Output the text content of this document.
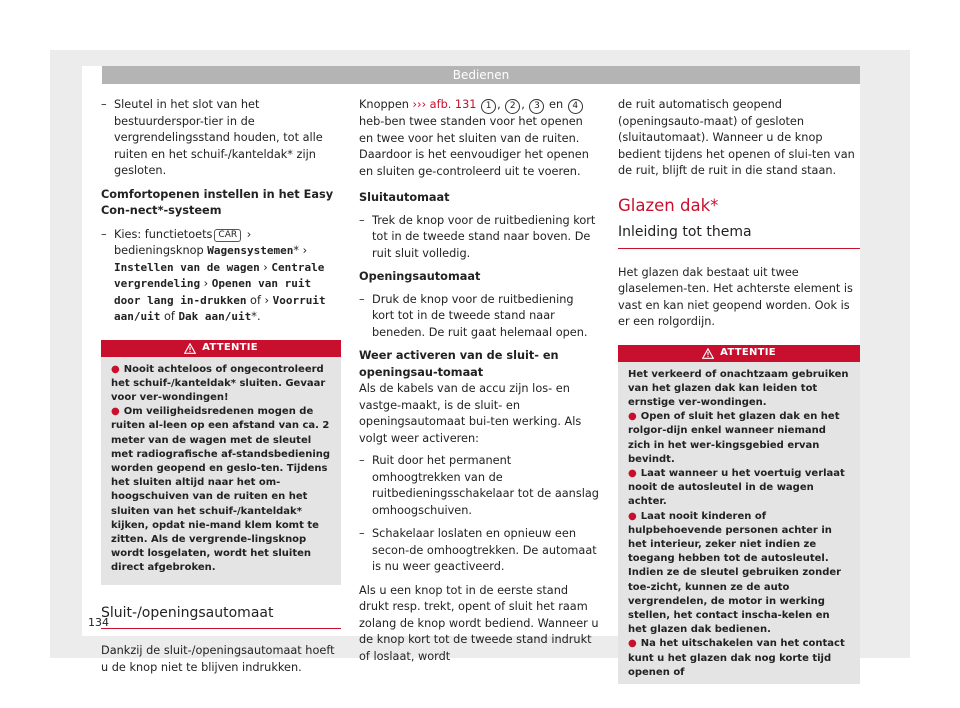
Bedienen

– Sleutel in het slot van het bestuurderspor-tier in de vergrendelingsstand houden, tot alle ruiten en het schuif-/kanteldak* zijn gesloten.

Comfortopenen instellen in het Easy Con-nect*-systeem

– Kies: functietoets CAR › bedieningsknop Wagensystemen* › Instellen van de wagen › Centrale vergrendeling › Openen van ruit door lang in-drukken of › Voorruit aan/uit of Dak aan/uit*.

ATTENTIE

● Nooit achteloos of ongecontroleerd het schuif-/kanteldak* sluiten. Gevaar voor ver-wondingen!

● Om veiligheidsredenen mogen de ruiten al-leen op een afstand van ca. 2 meter van de wagen met de sleutel met radiografische af-standsbediening worden geopend en geslo-ten. Tijdens het sluiten altijd naar het om-hoogschuiven van de ruiten en het sluiten van het schuif-/kanteldak* kijken, opdat nie-mand klem komt te zitten. Als de vergrende-lingsknop wordt losgelaten, wordt het sluiten direct afgebroken.

Sluit-/openingsautomaat

Dankzij de sluit-/openingsautomaat hoeft u de knop niet te blijven indrukken.

Knoppen ››› afb. 131 1 , 2 , 3 en 4 heb-ben twee standen voor het openen en twee voor het sluiten van de ruiten. Daardoor is het eenvoudiger het openen en sluiten ge-controleerd uit te voeren.

Sluitautomaat

– Trek de knop voor de ruitbediening kort tot in de tweede stand naar boven. De ruit sluit volledig.

Openingsautomaat

– Druk de knop voor de ruitbediening kort tot in de tweede stand naar beneden. De ruit gaat helemaal open.

Weer activeren van de sluit- en openingsau-tomaat

Als de kabels van de accu zijn los- en vastge-maakt, is de sluit- en openingsautomaat bui-ten werking. Als volgt weer activeren:

– Ruit door het permanent omhoogtrekken van de ruitbedieningsschakelaar tot de aanslag omhoogschuiven.

– Schakelaar loslaten en opnieuw een secon-de omhoogtrekken. De automaat is nu weer geactiveerd.

Als u een knop tot in de eerste stand drukt resp. trekt, opent of sluit het raam zolang de knop wordt bediend. Wanneer u de knop kort tot de tweede stand indrukt of loslaat, wordt

de ruit automatisch geopend (openingsauto-maat) of gesloten (sluitautomaat). Wanneer u de knop bedient tijdens het openen of slui-ten van de ruit, blijft de ruit in die stand staan.

Glazen dak*
Inleiding tot thema

Het glazen dak bestaat uit twee glaselemen-ten. Het achterste element is vast en kan niet geopend worden. Ook is er een rolgordijn.

ATTENTIE

Het verkeerd of onachtzaam gebruiken van het glazen dak kan leiden tot ernstige ver-wondingen.

● Open of sluit het glazen dak en het rolgor-dijn enkel wanneer niemand zich in het wer-kingsgebied ervan bevindt.

● Laat wanneer u het voertuig verlaat nooit de autosleutel in de wagen achter.

● Laat nooit kinderen of hulpbehoevende personen achter in het interieur, zeker niet indien ze toegang hebben tot de autosleutel. Indien ze de sleutel gebruiken zonder toe-zicht, kunnen ze de auto vergrendelen, de motor in werking stellen, het contact inscha-kelen en het glazen dak bedienen.

● Na het uitschakelen van het contact kunt u het glazen dak nog korte tijd openen of

134
